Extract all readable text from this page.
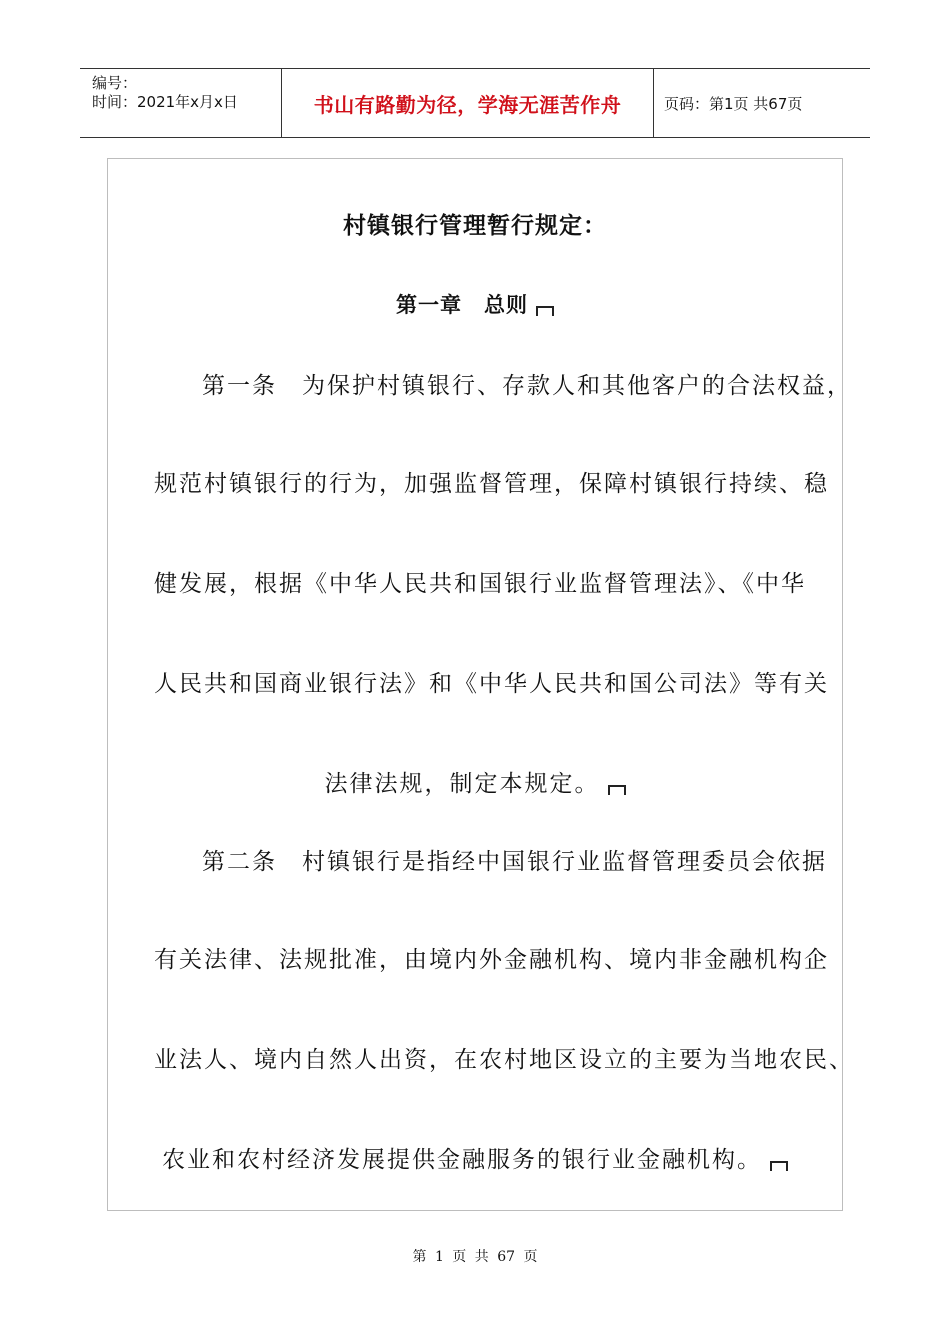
编号：
时间：2021年x月x日	书山有路勤为径，学海无涯苦作舟	页码：第1页 共67页
村镇银行管理暂行规定：
第一章　总则
第一条　为保护村镇银行、存款人和其他客户的合法权益，
规范村镇银行的行为，加强监督管理，保障村镇银行持续、稳
健发展，根据《中华人民共和国银行业监督管理法》、《中华
人民共和国商业银行法》和《中华人民共和国公司法》等有关
法律法规，制定本规定。
第二条　村镇银行是指经中国银行业监督管理委员会依据
有关法律、法规批准，由境内外金融机构、境内非金融机构企
业法人、境内自然人出资，在农村地区设立的主要为当地农民、
农业和农村经济发展提供金融服务的银行业金融机构。
第 1 页 共 67 页
